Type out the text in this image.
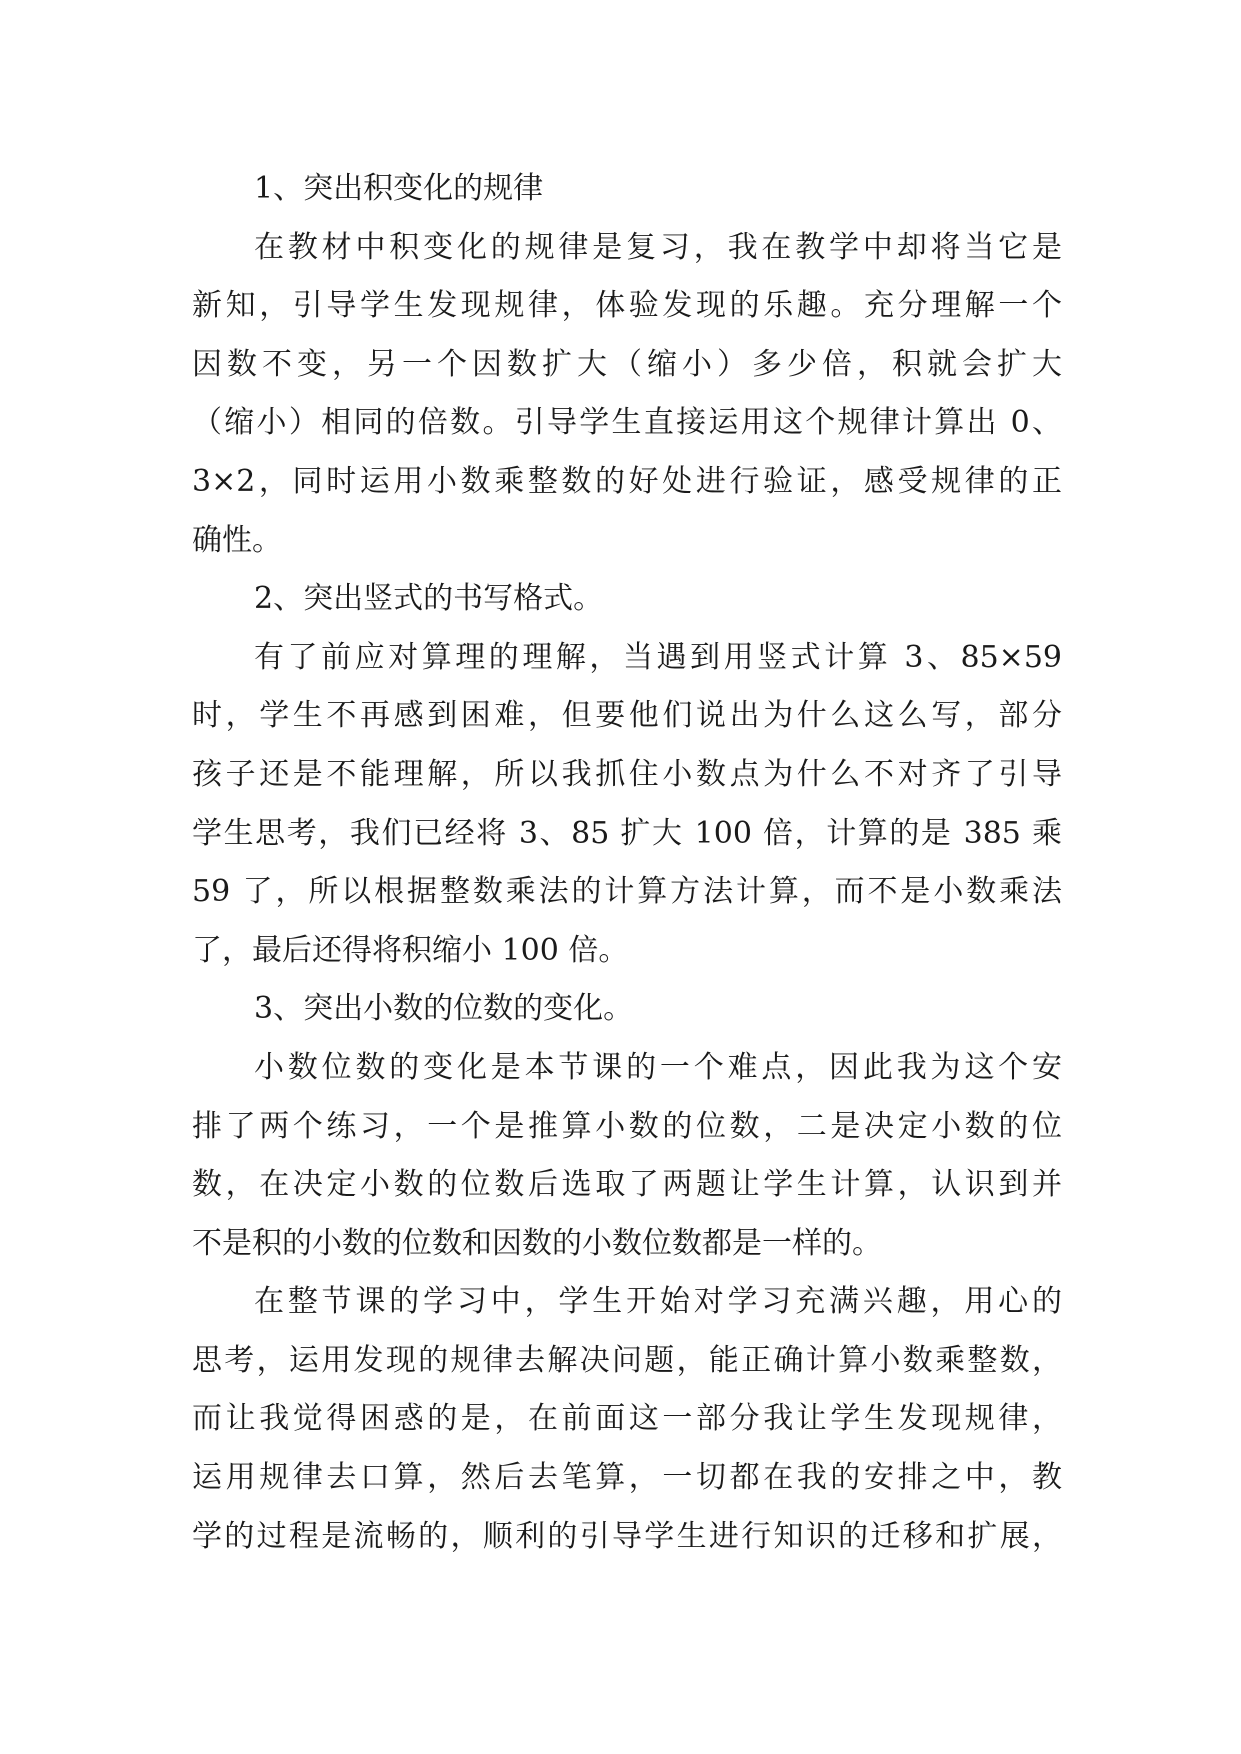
1、突出积变化的规律
在教材中积变化的规律是复习，我在教学中却将当它是
新知，引导学生发现规律，体验发现的乐趣。充分理解一个
因数不变，另一个因数扩大（缩小）多少倍，积就会扩大
（缩小）相同的倍数。引导学生直接运用这个规律计算出 0、
3×2，同时运用小数乘整数的好处进行验证，感受规律的正
确性。
2、突出竖式的书写格式。
有了前应对算理的理解，当遇到用竖式计算 3、85×59
时，学生不再感到困难，但要他们说出为什么这么写，部分
孩子还是不能理解，所以我抓住小数点为什么不对齐了引导
学生思考，我们已经将 3、85 扩大 100 倍，计算的是 385 乘
59 了，所以根据整数乘法的计算方法计算，而不是小数乘法
了，最后还得将积缩小 100 倍。
3、突出小数的位数的变化。
小数位数的变化是本节课的一个难点，因此我为这个安
排了两个练习，一个是推算小数的位数，二是决定小数的位
数，在决定小数的位数后选取了两题让学生计算，认识到并
不是积的小数的位数和因数的小数位数都是一样的。
在整节课的学习中，学生开始对学习充满兴趣，用心的
思考，运用发现的规律去解决问题，能正确计算小数乘整数，
而让我觉得困惑的是，在前面这一部分我让学生发现规律，
运用规律去口算，然后去笔算，一切都在我的安排之中，教
学的过程是流畅的，顺利的引导学生进行知识的迁移和扩展，
